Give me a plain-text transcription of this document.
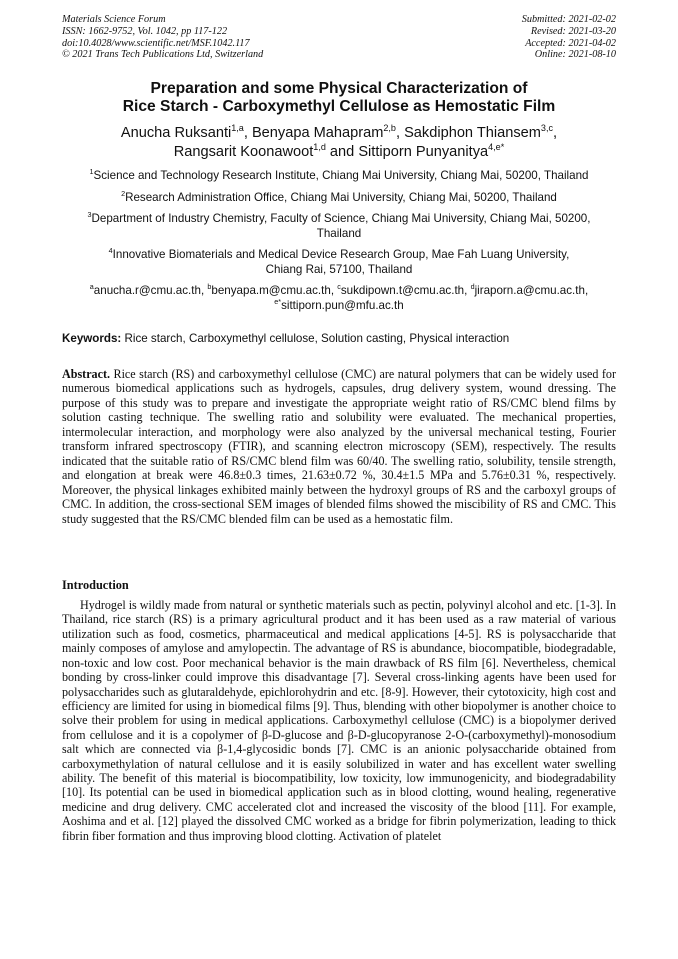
Materials Science Forum
ISSN: 1662-9752, Vol. 1042, pp 117-122
doi:10.4028/www.scientific.net/MSF.1042.117
© 2021 Trans Tech Publications Ltd, Switzerland
Submitted: 2021-02-02
Revised: 2021-03-20
Accepted: 2021-04-02
Online: 2021-08-10
Preparation and some Physical Characterization of
Rice Starch - Carboxymethyl Cellulose as Hemostatic Film
Anucha Ruksanti$^{1,a}$, Benyapa Mahapram$^{2,b}$, Sakdiphon Thiansem$^{3,c}$,
Rangsarit Koonawoot$^{1,d}$ and Sittiporn Punyanitya$^{4,e*}$
$^1$Science and Technology Research Institute, Chiang Mai University, Chiang Mai, 50200, Thailand
$^2$Research Administration Office, Chiang Mai University, Chiang Mai, 50200, Thailand
$^3$Department of Industry Chemistry, Faculty of Science, Chiang Mai University, Chiang Mai, 50200,
Thailand
$^4$Innovative Biomaterials and Medical Device Research Group, Mae Fah Luang University,
Chiang Rai, 57100, Thailand
$^a$anucha.r@cmu.ac.th, $^b$benyapa.m@cmu.ac.th, $^c$sukdipown.t@cmu.ac.th, $^d$jiraporn.a@cmu.ac.th,
$^{e*}$sittiporn.pun@mfu.ac.th
Keywords: Rice starch, Carboxymethyl cellulose, Solution casting, Physical interaction
Abstract. Rice starch (RS) and carboxymethyl cellulose (CMC) are natural polymers that can be widely used for numerous biomedical applications such as hydrogels, capsules, drug delivery system, wound dressing. The purpose of this study was to prepare and investigate the appropriate weight ratio of RS/CMC blend films by solution casting technique. The swelling ratio and solubility were evaluated. The mechanical properties, intermolecular interaction, and morphology were also analyzed by the universal mechanical testing, Fourier transform infrared spectroscopy (FTIR), and scanning electron microscopy (SEM), respectively. The results indicated that the suitable ratio of RS/CMC blend film was 60/40. The swelling ratio, solubility, tensile strength, and elongation at break were 46.8±0.3 times, 21.63±0.72 %, 30.4±1.5 MPa and 5.76±0.31 %, respectively. Moreover, the physical linkages exhibited mainly between the hydroxyl groups of RS and the carboxyl groups of CMC. In addition, the cross-sectional SEM images of blended films showed the miscibility of RS and CMC. This study suggested that the RS/CMC blended film can be used as a hemostatic film.
Introduction

Hydrogel is wildly made from natural or synthetic materials such as pectin, polyvinyl alcohol and etc. [1-3]. In Thailand, rice starch (RS) is a primary agricultural product and it has been used as a raw material of various utilization such as food, cosmetics, pharmaceutical and medical applications [4-5]. RS is polysaccharide that mainly composes of amylose and amylopectin. The advantage of RS is abundance, biocompatible, biodegradable, non-toxic and low cost. Poor mechanical behavior is the main drawback of RS film [6]. Nevertheless, chemical bonding by cross-linker could improve this disadvantage [7]. Several cross-linking agents have been used for polysaccharides such as glutaraldehyde, epichlorohydrin and etc. [8-9]. However, their cytotoxicity, high cost and efficiency are limited for using in biomedical films [9]. Thus, blending with other biopolymer is another choice to solve their problem for using in medical applications. Carboxymethyl cellulose (CMC) is a biopolymer derived from cellulose and it is a copolymer of β-D-glucose and β-D-glucopyranose 2-O-(carboxymethyl)-monosodium salt which are connected via β-1,4-glycosidic bonds [7]. CMC is an anionic polysaccharide obtained from carboxymethylation of natural cellulose and it is easily solubilized in water and has excellent water swelling ability. The benefit of this material is biocompatibility, low toxicity, low immunogenicity, and biodegradability [10]. Its potential can be used in biomedical application such as in blood clotting, wound healing, regenerative medicine and drug delivery. CMC accelerated clot and increased the viscosity of the blood [11]. For example, Aoshima and et al. [12] played the dissolved CMC worked as a bridge for fibrin polymerization, leading to thick fibrin fiber formation and thus improving blood clotting. Activation of platelet
